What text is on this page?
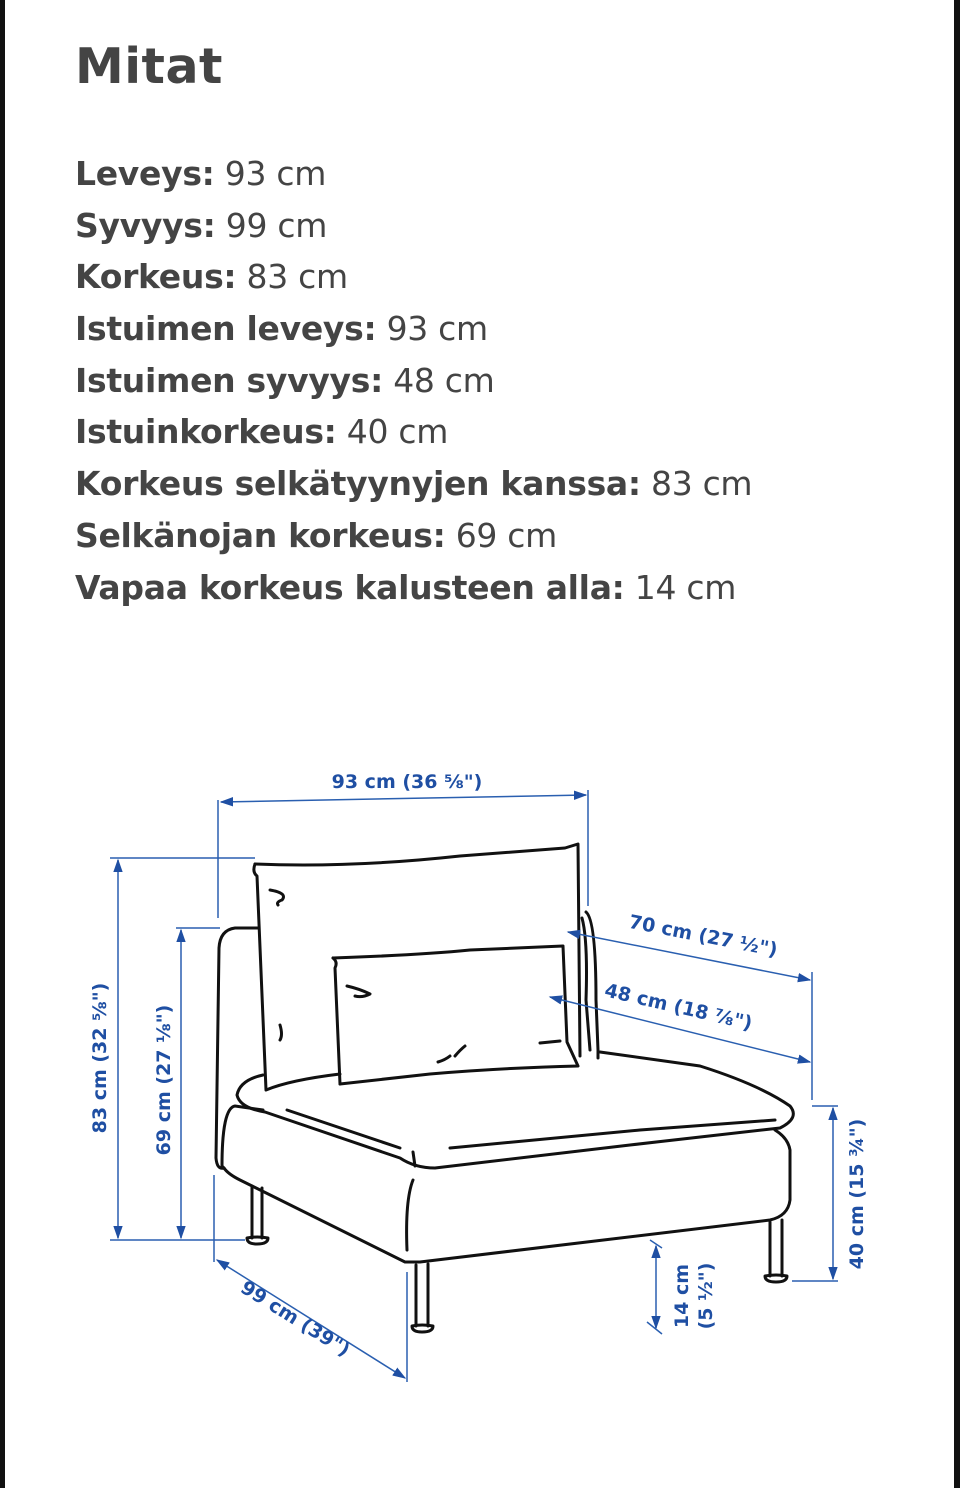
Mitat
Leveys: 93 cm
Syvyys: 99 cm
Korkeus: 83 cm
Istuimen leveys: 93 cm
Istuimen syvyys: 48 cm
Istuinkorkeus: 40 cm
Korkeus selkätyynyjen kanssa: 83 cm
Selkänojan korkeus: 69 cm
Vapaa korkeus kalusteen alla: 14 cm
93 cm (36 ⅝")
83 cm (32 ⅝") 69 cm (27 ⅛")
99 cm (39")
70 cm (27 ½")
48 cm (18 ⅞")
40 cm (15 ¾")
14 cm (5 ½")
